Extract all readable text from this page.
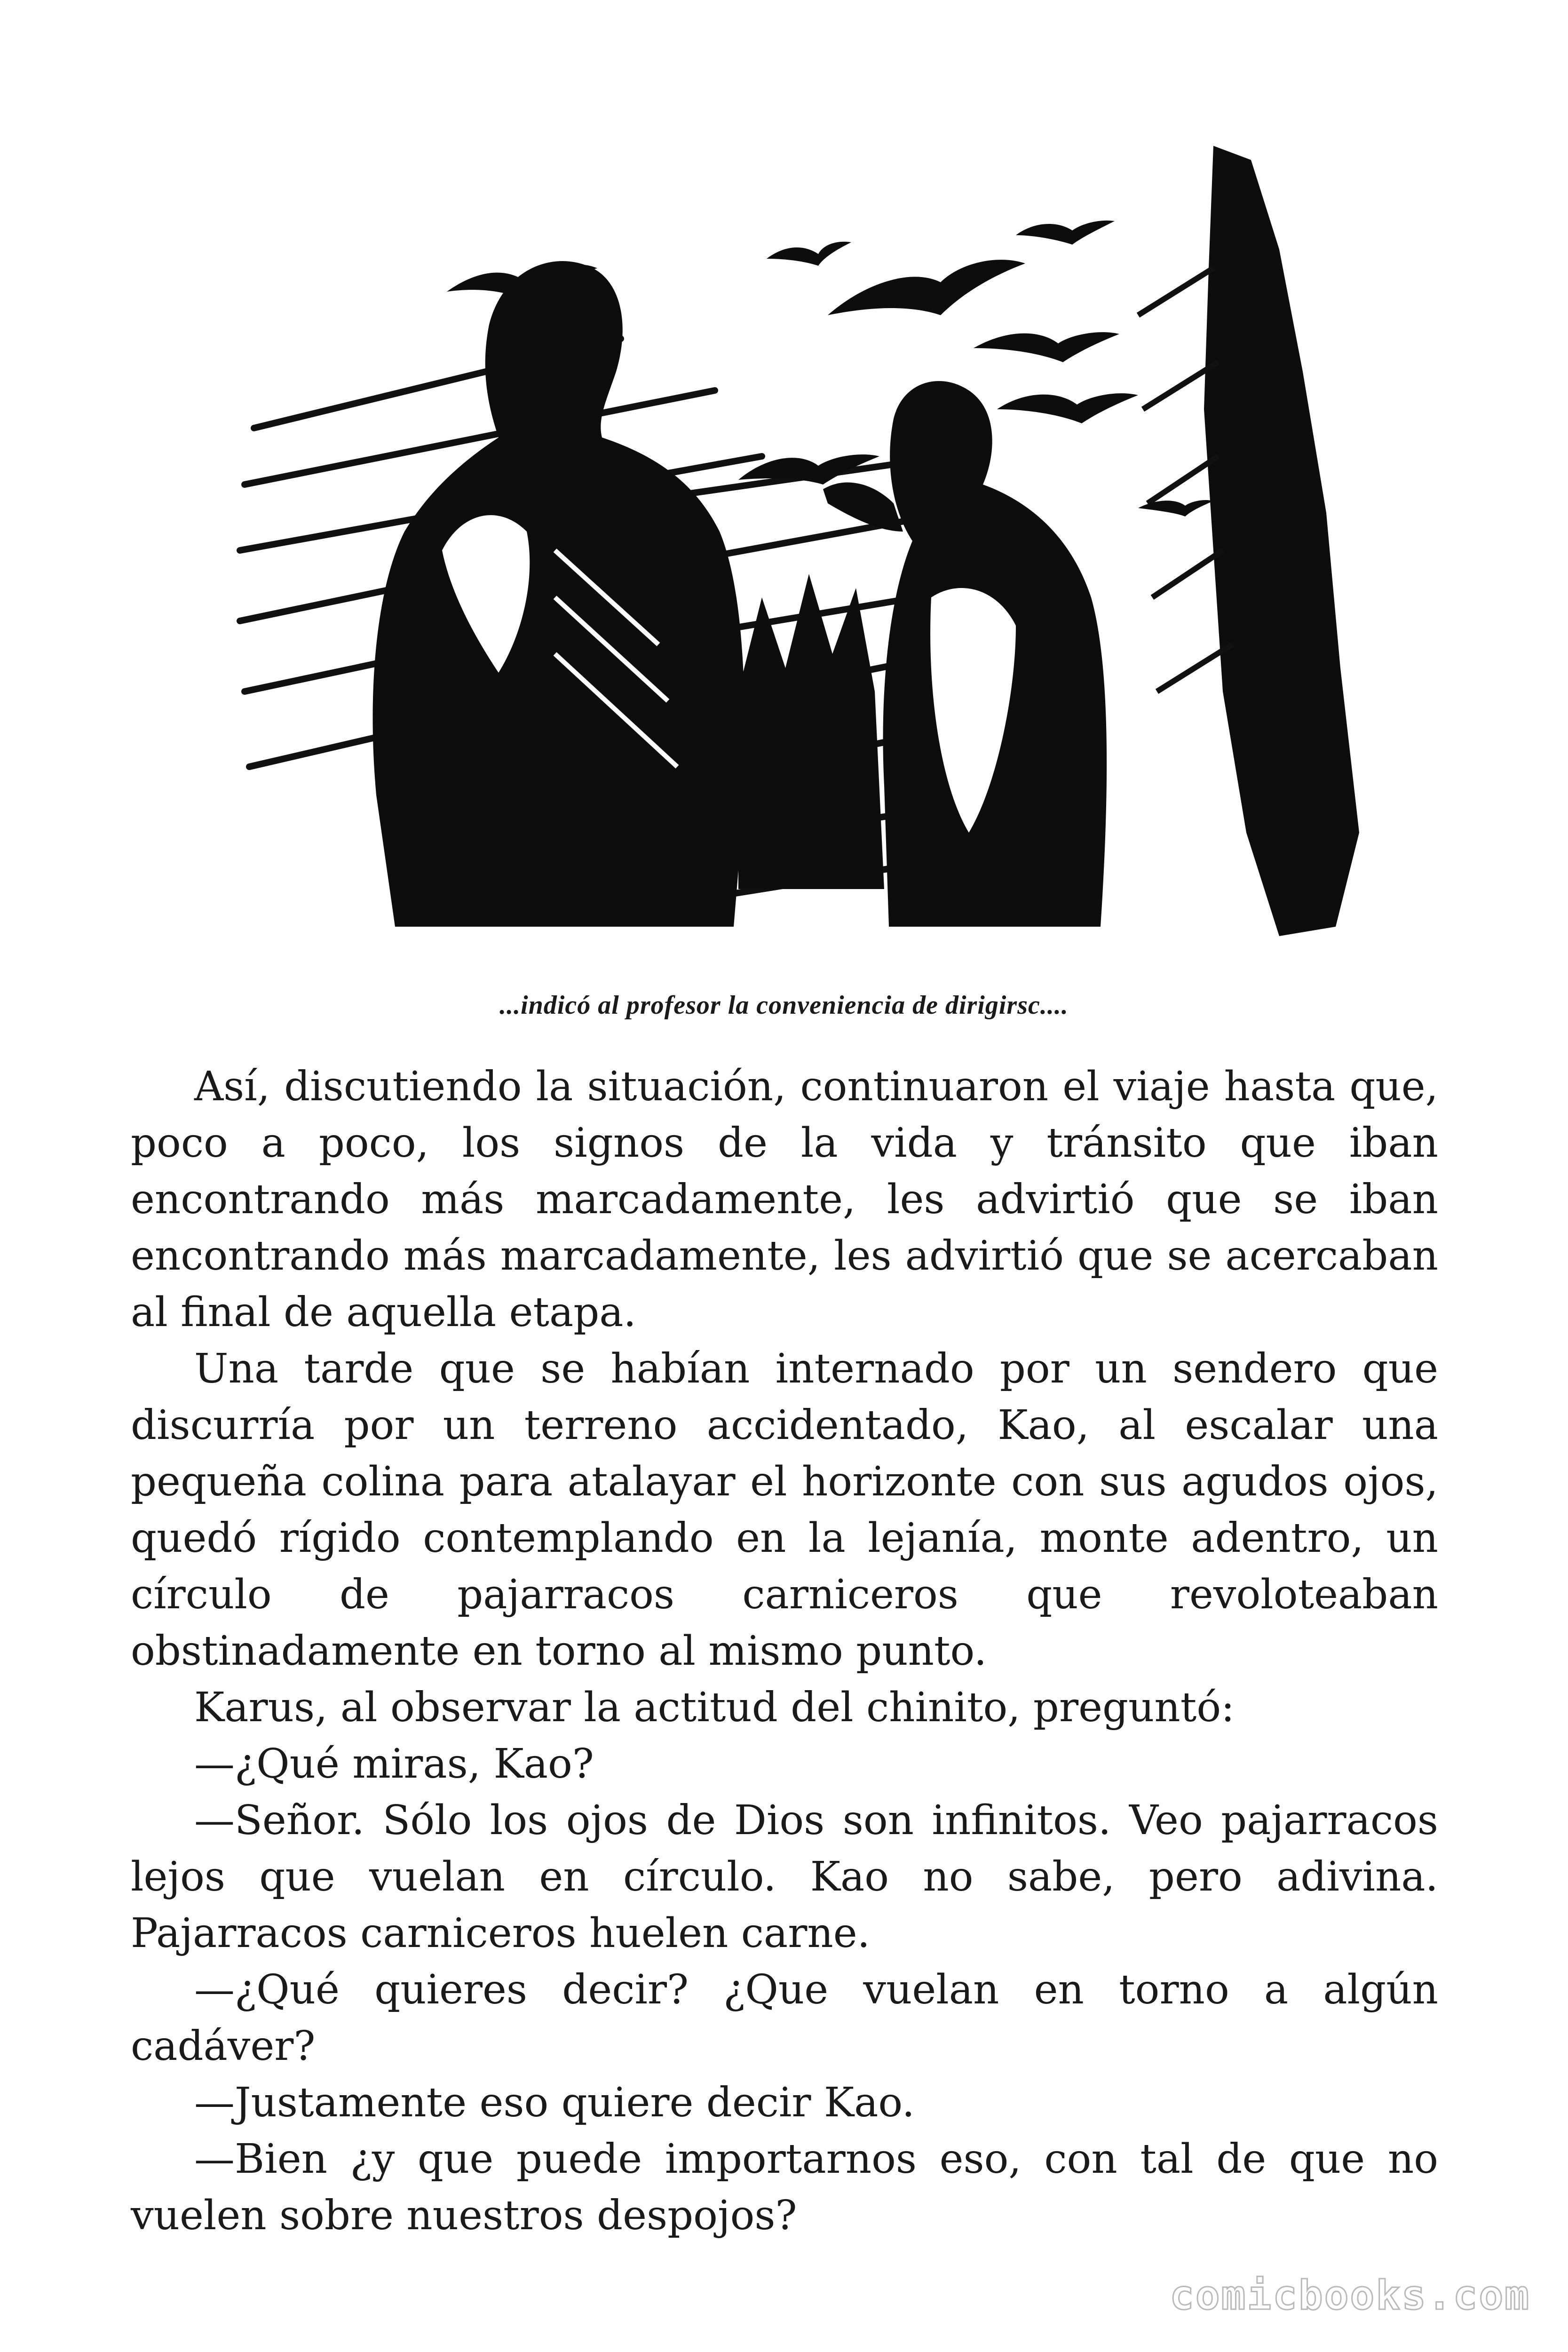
...indicó al profesor la conveniencia de dirigirsc....

Así, discutiendo la situación, continuaron el viaje hasta que, poco a poco, los signos de la vida y tránsito que iban encontrando más marcadamente, les advirtió que se iban encontrando más marcadamente, les advirtió que se acercaban al final de aquella etapa.

Una tarde que se habían internado por un sendero que discurría por un terreno accidentado, Kao, al escalar una pequeña colina para atalayar el horizonte con sus agudos ojos, quedó rígido contemplando en la lejanía, monte adentro, un círculo de pajarracos carniceros que revoloteaban obstinadamente en torno al mismo punto.

Karus, al observar la actitud del chinito, preguntó:

—¿Qué miras, Kao?

—Señor. Sólo los ojos de Dios son infinitos. Veo pajarracos lejos que vuelan en círculo. Kao no sabe, pero adivina. Pajarracos carniceros huelen carne.

—¿Qué quieres decir? ¿Que vuelan en torno a algún cadáver?

—Justamente eso quiere decir Kao.

—Bien ¿y que puede importarnos eso, con tal de que no vuelen sobre nuestros despojos?

comicbooks.com
